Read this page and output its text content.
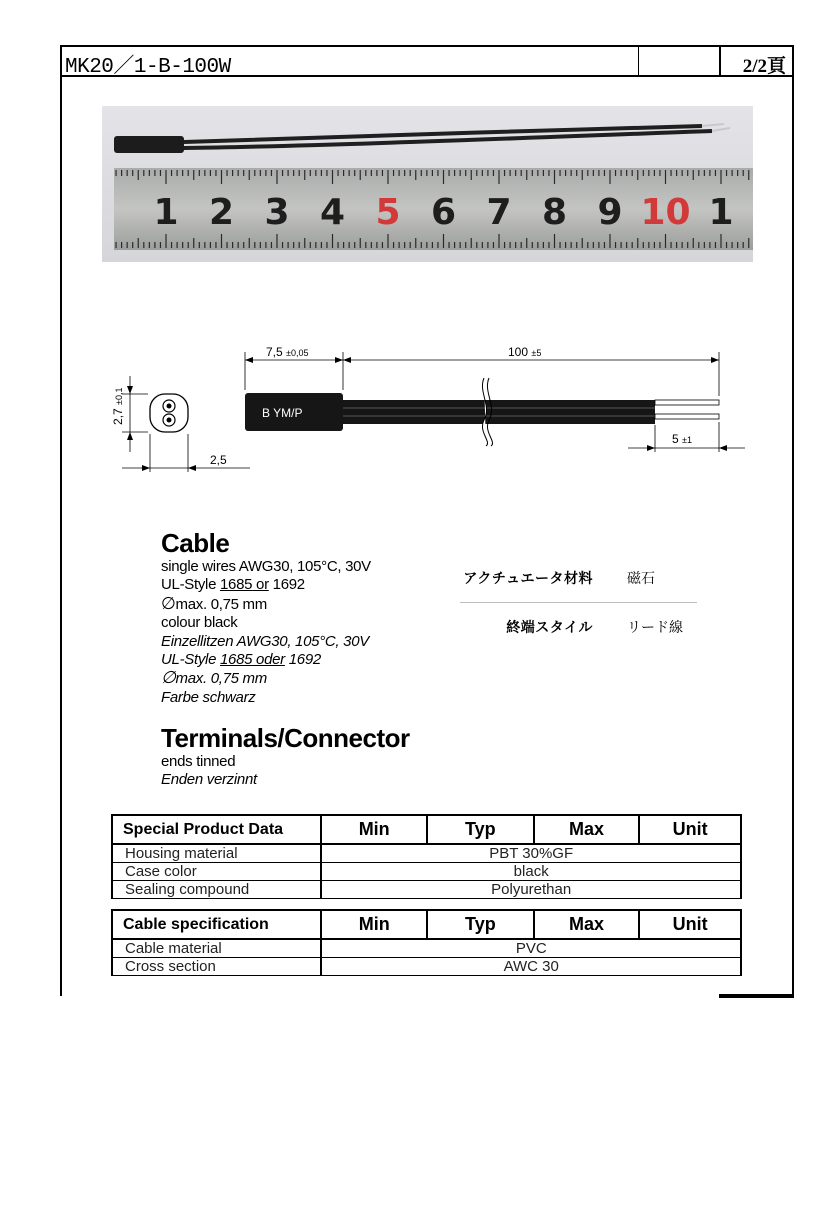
MK20／1-B-100W	2/2頁
1 2 3 4 5 6 7 8 9 10 1
2,7 ±0,1
2,5
B YM/P
7,5 ±0,05	100 ±5
5 ±1
Cable
single wires AWG30, 105°C, 30V
UL-Style 1685 or 1692
∅max. 0,75 mm
colour black
Einzellitzen AWG30, 105°C, 30V
UL-Style 1685 oder 1692
∅max. 0,75 mm
Farbe schwarz
Terminals/Connector
ends tinned
Enden verzinnt
アクチュエータ材料 磁石
終端スタイル リード線
Special Product Data	Min	Typ	Max	Unit
Housing material	PBT 30%GF			
Case color	black			
Sealing compound	Polyurethan			
Cable specification	Min	Typ	Max	Unit
Cable material	PVC			
Cross section	AWC 30			
